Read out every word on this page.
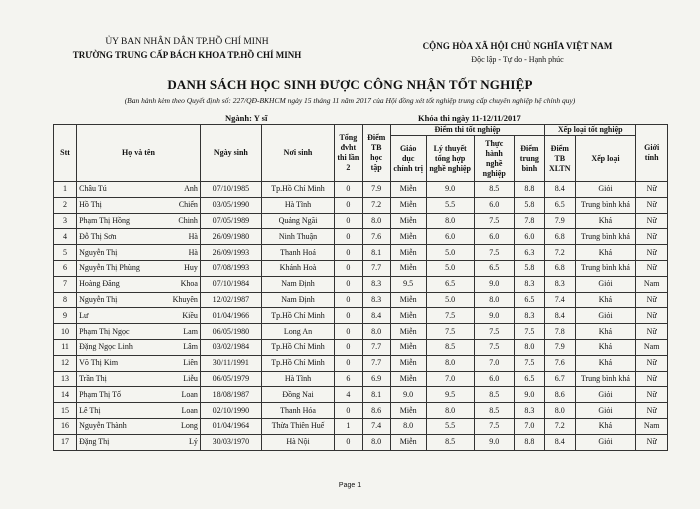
ỦY BAN NHÂN DÂN TP.HỒ CHÍ MINH
TRƯỜNG TRUNG CẤP BÁCH KHOA TP.HỒ CHÍ MINH
CỘNG HÒA XÃ HỘI CHỦ NGHĨA VIỆT NAM
Độc lập - Tự do - Hạnh phúc
DANH SÁCH HỌC SINH ĐƯỢC CÔNG NHẬN TỐT NGHIỆP
(Ban hành kèm theo Quyết định số: 227/QĐ-BKHCM ngày 15 tháng 11 năm 2017 của Hội đồng xét tốt nghiệp trung cấp chuyên nghiệp hệ chính quy)
Ngành: Y sĩ	Khóa thi ngày 11-12/11/2017
Stt	Họ và tên	Ngày sinh	Nơi sinh	Tổng đvht thi lần 2	Điểm TB học tập	Điểm thi tốt nghiệp				Xếp loại tốt nghiệp		Giới tính
						Giáo dục chính trị	Lý thuyết tổng hợp nghề nghiệp	Thực hành nghề nghiệp	Điểm trung bình	Điểm TB XLTN	Xếp loại	
1	Châu Tú Anh	07/10/1985	Tp.Hồ Chí Minh	0	7.9	Miễn	9.0	8.5	8.8	8.4	Giỏi	Nữ
2	Hồ Thị Chiến	03/05/1990	Hà Tĩnh	0	7.2	Miễn	5.5	6.0	5.8	6.5	Trung bình khá	Nữ
3	Phạm Thị Hồng Chinh	07/05/1989	Quảng Ngãi	0	8.0	Miễn	8.0	7.5	7.8	7.9	Khá	Nữ
4	Đỗ Thị Sơn Hà	26/09/1980	Ninh Thuận	0	7.6	Miễn	6.0	6.0	6.0	6.8	Trung bình khá	Nữ
5	Nguyễn Thị Hà	26/09/1993	Thanh Hoá	0	8.1	Miễn	5.0	7.5	6.3	7.2	Khá	Nữ
6	Nguyễn Thị Phùng Huy	07/08/1993	Khánh Hoà	0	7.7	Miễn	5.0	6.5	5.8	6.8	Trung bình khá	Nữ
7	Hoàng Đăng Khoa	07/10/1984	Nam Định	0	8.3	9.5	6.5	9.0	8.3	8.3	Giỏi	Nam
8	Nguyễn Thị Khuyên	12/02/1987	Nam Định	0	8.3	Miễn	5.0	8.0	6.5	7.4	Khá	Nữ
9	Lư Kiều	01/04/1966	Tp.Hồ Chí Minh	0	8.4	Miễn	7.5	9.0	8.3	8.4	Giỏi	Nữ
10	Phạm Thị Ngọc Lam	06/05/1980	Long An	0	8.0	Miễn	7.5	7.5	7.5	7.8	Khá	Nữ
11	Đặng Ngọc Linh Lâm	03/02/1984	Tp.Hồ Chí Minh	0	7.7	Miễn	8.5	7.5	8.0	7.9	Khá	Nam
12	Võ Thị Kim Liên	30/11/1991	Tp.Hồ Chí Minh	0	7.7	Miễn	8.0	7.0	7.5	7.6	Khá	Nữ
13	Trần Thị Liễu	06/05/1979	Hà Tĩnh	6	6.9	Miễn	7.0	6.0	6.5	6.7	Trung bình khá	Nữ
14	Phạm Thị Tố Loan	18/08/1987	Đồng Nai	4	8.1	9.0	9.5	8.5	9.0	8.6	Giỏi	Nữ
15	Lê Thị Loan	02/10/1990	Thanh Hóa	0	8.6	Miễn	8.0	8.5	8.3	8.0	Giỏi	Nữ
16	Nguyễn Thành Long	01/04/1964	Thừa Thiên Huế	1	7.4	8.0	5.5	7.5	7.0	7.2	Khá	Nam
17	Đặng Thị Lý	30/03/1970	Hà Nội	0	8.0	Miễn	8.5	9.0	8.8	8.4	Giỏi	Nữ
Page 1
